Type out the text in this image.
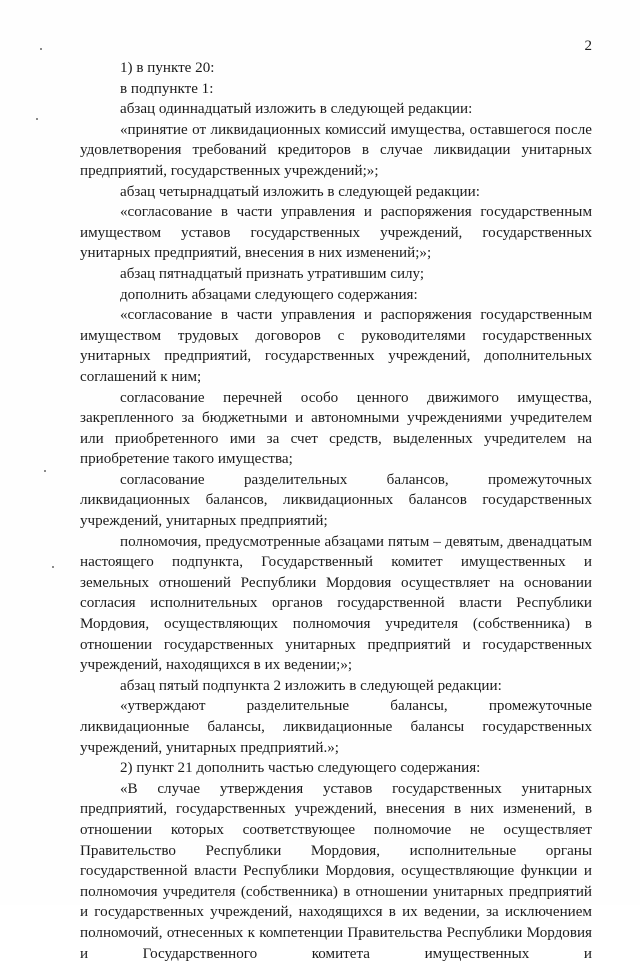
2

1) в пункте 20:

в подпункте 1:

абзац одиннадцатый изложить в следующей редакции:

«принятие от ликвидационных комиссий имущества, оставшегося после удовлетворения требований кредиторов в случае ликвидации унитарных предприятий, государственных учреждений;»;

абзац четырнадцатый изложить в следующей редакции:

«согласование в части управления и распоряжения государственным имуществом уставов государственных учреждений, государственных унитарных предприятий, внесения в них изменений;»;

абзац пятнадцатый признать утратившим силу;

дополнить абзацами следующего содержания:

«согласование в части управления и распоряжения государственным имуществом трудовых договоров с руководителями государственных унитарных предприятий, государственных учреждений, дополнительных соглашений к ним;

согласование перечней особо ценного движимого имущества, закрепленного за бюджетными и автономными учреждениями учредителем или приобретенного ими за счет средств, выделенных учредителем на приобретение такого имущества;

согласование разделительных балансов, промежуточных ликвидационных балансов, ликвидационных балансов государственных учреждений, унитарных предприятий;

полномочия, предусмотренные абзацами пятым – девятым, двенадцатым настоящего подпункта, Государственный комитет имущественных и земельных отношений Республики Мордовия осуществляет на основании согласия исполнительных органов государственной власти Республики Мордовия, осуществляющих полномочия учредителя (собственника) в отношении государственных унитарных предприятий и государственных учреждений, находящихся в их ведении;»;

абзац пятый подпункта 2 изложить в следующей редакции:

«утверждают разделительные балансы, промежуточные ликвидационные балансы, ликвидационные балансы государственных учреждений, унитарных предприятий.»;

2) пункт 21 дополнить частью следующего содержания:

«В случае утверждения уставов государственных унитарных предприятий, государственных учреждений, внесения в них изменений, в отношении которых соответствующее полномочие не осуществляет Правительство Республики Мордовия, исполнительные органы государственной власти Республики Мордовия, осуществляющие функции и полномочия учредителя (собственника) в отношении унитарных предприятий и государственных учреждений, находящихся в их ведении, за исключением полномочий, отнесенных к компетенции Правительства Республики Мордовия и Государственного комитета имущественных и
